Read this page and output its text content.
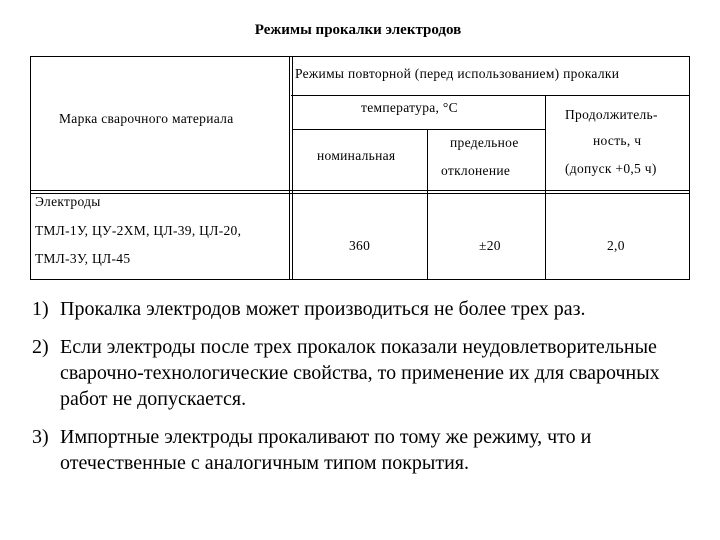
Режимы прокалки электродов
Режимы повторной (перед использованием) прокалки
Марка сварочного материала
температура, °С
номинальная
предельное
отклонение
Продолжитель-
ность, ч
(допуск +0,5 ч)
Электроды
ТМЛ-1У, ЦУ-2ХМ, ЦЛ-39, ЦЛ-20,
ТМЛ-3У, ЦЛ-45
360	±20	2,0
1) Прокалка электродов может производиться не более трех раз.
2) Если электроды после трех прокалок показали неудовлетворительные сварочно-технологические свойства, то применение их для сварочных работ не допускается.
3) Импортные электроды прокаливают по тому же режиму, что и отечественные с аналогичным типом покрытия.
